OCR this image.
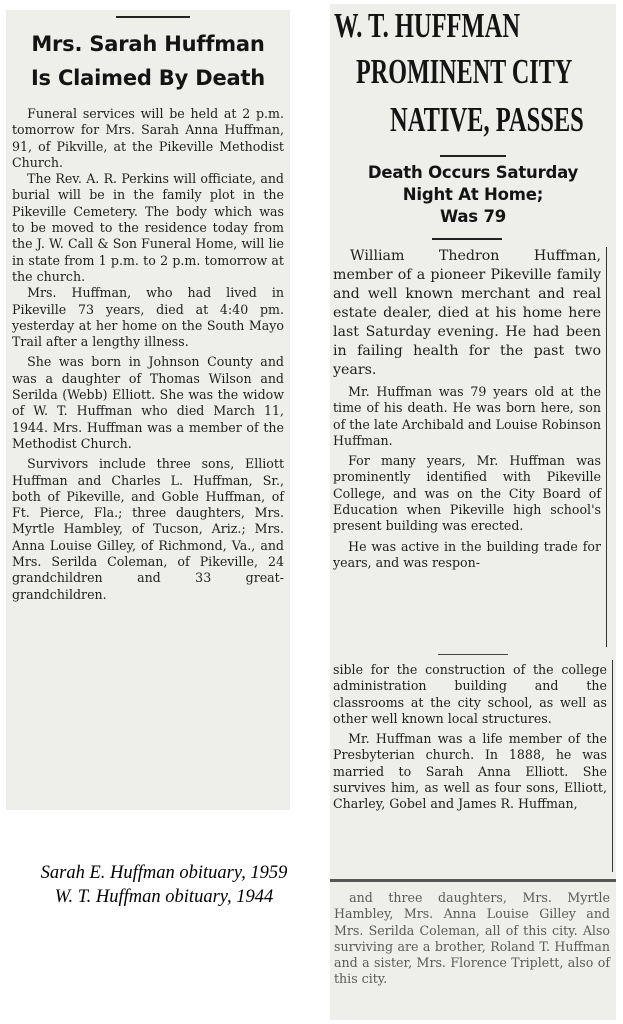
Mrs. Sarah Huffman
Is Claimed By Death

Funeral services will be held at 2 p.m. tomorrow for Mrs. Sarah Anna Huffman, 91, of Pikville, at the Pikeville Methodist Church.

The Rev. A. R. Perkins will officiate, and burial will be in the family plot in the Pikeville Cemetery. The body which was to be moved to the residence today from the J. W. Call & Son Funeral Home, will lie in state from 1 p.m. to 2 p.m. tomorrow at the church.

Mrs. Huffman, who had lived in Pikeville 73 years, died at 4:40 pm. yesterday at her home on the South Mayo Trail after a lengthy illness.

She was born in Johnson County and was a daughter of Thomas Wilson and Serilda (Webb) Elliott. She was the widow of W. T. Huffman who died March 11, 1944. Mrs. Huffman was a member of the Methodist Church.

Survivors include three sons, Elliott Huffman and Charles L. Huffman, Sr., both of Pikeville, and Goble Huffman, of Ft. Pierce, Fla.; three daughters, Mrs. Myrtle Hambley, of Tucson, Ariz.; Mrs. Anna Louise Gilley, of Richmond, Va., and Mrs. Serilda Coleman, of Pikeville, 24 grandchildren and 33 great-grandchildren.

W. T. HUFFMAN
PROMINENT CITY
NATIVE, PASSES
Death Occurs Saturday
Night At Home;
Was 79

William Thedron Huffman, member of a pioneer Pikeville family and well known merchant and real estate dealer, died at his home here last Saturday evening. He had been in failing health for the past two years.

Mr. Huffman was 79 years old at the time of his death. He was born here, son of the late Archibald and Louise Robinson Huffman.

For many years, Mr. Huffman was prominently identified with Pikeville College, and was on the City Board of Education when Pikeville high school's present building was erected.

He was active in the building trade for years, and was respon-

sible for the construction of the college administration building and the classrooms at the city school, as well as other well known local structures.

Mr. Huffman was a life member of the Presbyterian church. In 1888, he was married to Sarah Anna Elliott. She survives him, as well as four sons, Elliott, Charley, Gobel and James R. Huffman,

and three daughters, Mrs. Myrtle Hambley, Mrs. Anna Louise Gilley and Mrs. Serilda Coleman, all of this city. Also surviving are a brother, Roland T. Huffman and a sister, Mrs. Florence Triplett, also of this city.

Sarah E. Huffman obituary, 1959
W. T. Huffman obituary, 1944
